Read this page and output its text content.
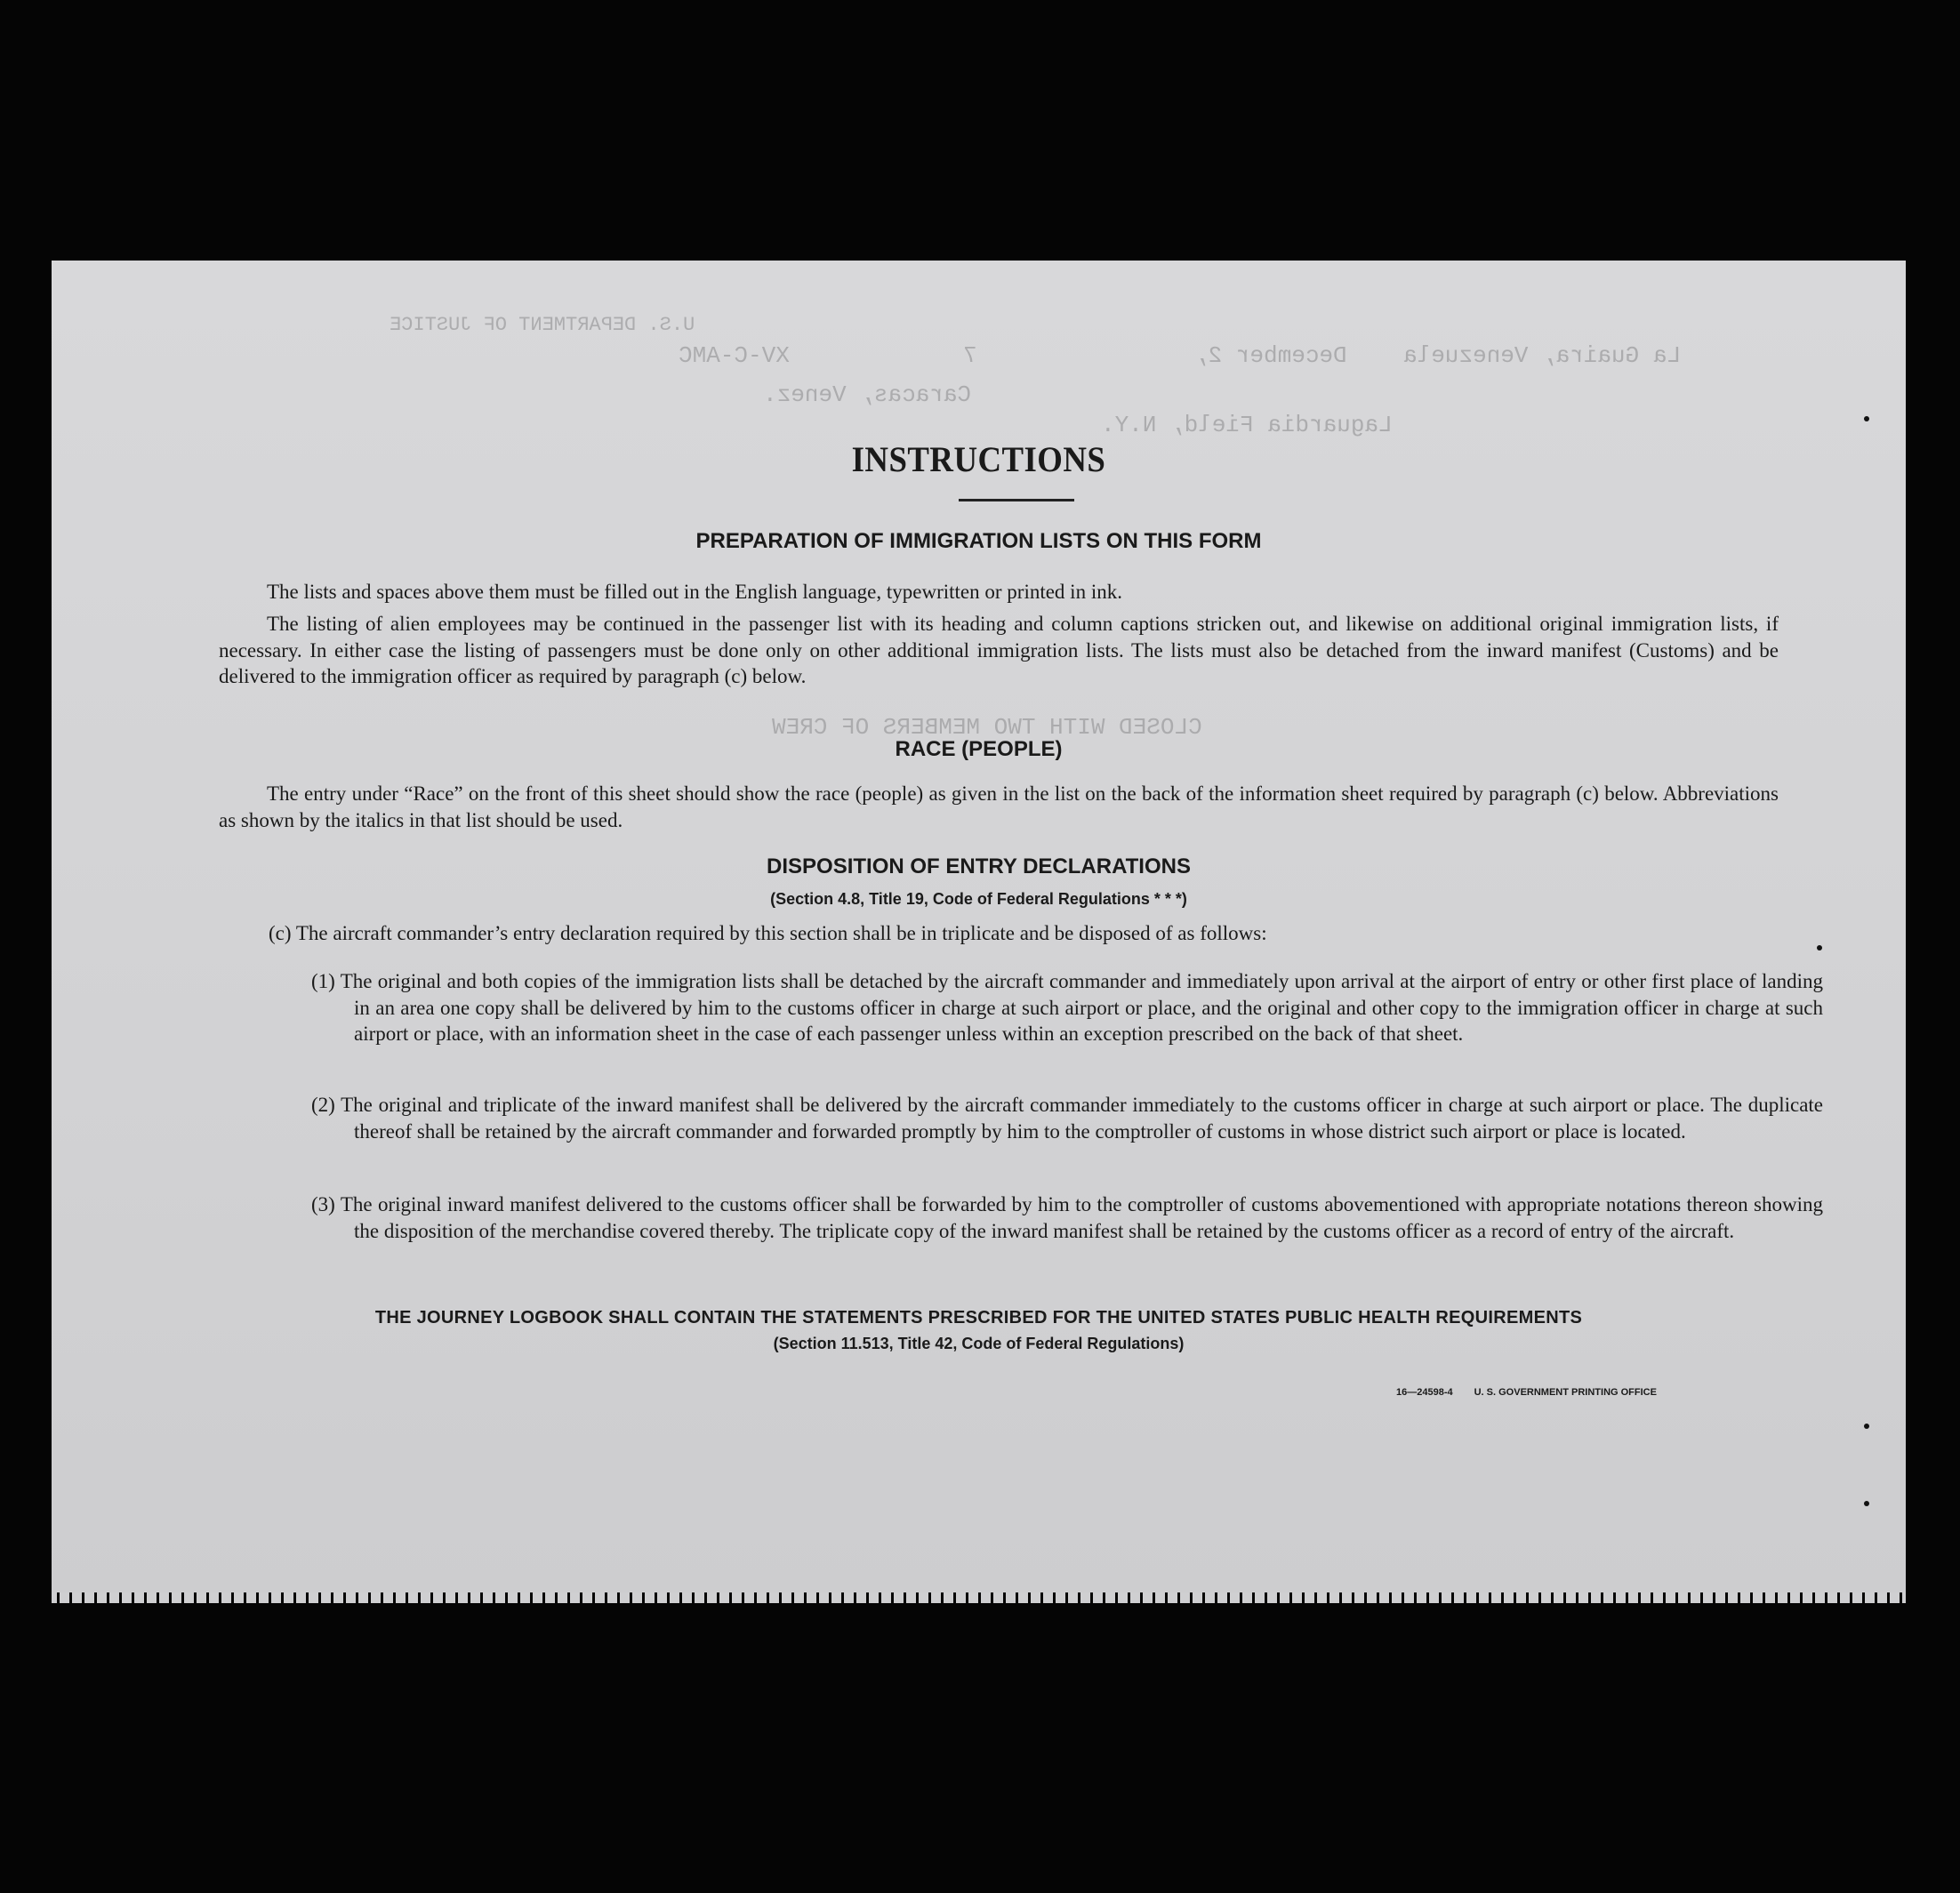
La Guaira, Venezuela
December 2,
7
XV-C-AMC
Caracas, Venez.
Laguardia Field, N.Y.
CLOSED WITH TWO MEMBERS OF CREW
U.S. DEPARTMENT OF JUSTICE
INSTRUCTIONS
PREPARATION OF IMMIGRATION LISTS ON THIS FORM
The lists and spaces above them must be filled out in the English language, typewritten or printed in ink.
The listing of alien employees may be continued in the passenger list with its heading and column captions stricken out, and likewise on additional original immigration lists, if necessary. In either case the listing of passengers must be done only on other additional immigration lists. The lists must also be detached from the inward manifest (Customs) and be delivered to the immigration officer as required by paragraph (c) below.
RACE (PEOPLE)
The entry under “Race” on the front of this sheet should show the race (people) as given in the list on the back of the information sheet required by paragraph (c) below. Abbreviations as shown by the italics in that list should be used.
DISPOSITION OF ENTRY DECLARATIONS
(Section 4.8, Title 19, Code of Federal Regulations * * *)
(c) The aircraft commander’s entry declaration required by this section shall be in triplicate and be disposed of as follows:
(1) The original and both copies of the immigration lists shall be detached by the aircraft commander and immediately upon arrival at the airport of entry or other first place of landing in an area one copy shall be delivered by him to the customs officer in charge at such airport or place, and the original and other copy to the immigration officer in charge at such airport or place, with an information sheet in the case of each passenger unless within an exception prescribed on the back of that sheet.
(2) The original and triplicate of the inward manifest shall be delivered by the aircraft commander immediately to the customs officer in charge at such airport or place. The duplicate thereof shall be retained by the aircraft commander and forwarded promptly by him to the comptroller of customs in whose district such airport or place is located.
(3) The original inward manifest delivered to the customs officer shall be forwarded by him to the comptroller of customs abovementioned with appropriate notations thereon showing the disposition of the merchandise covered thereby. The triplicate copy of the inward manifest shall be retained by the customs officer as a record of entry of the aircraft.
THE JOURNEY LOGBOOK SHALL CONTAIN THE STATEMENTS PRESCRIBED FOR THE UNITED STATES PUBLIC HEALTH REQUIREMENTS
(Section 11.513, Title 42, Code of Federal Regulations)
16—24598-4 U. S. GOVERNMENT PRINTING OFFICE
